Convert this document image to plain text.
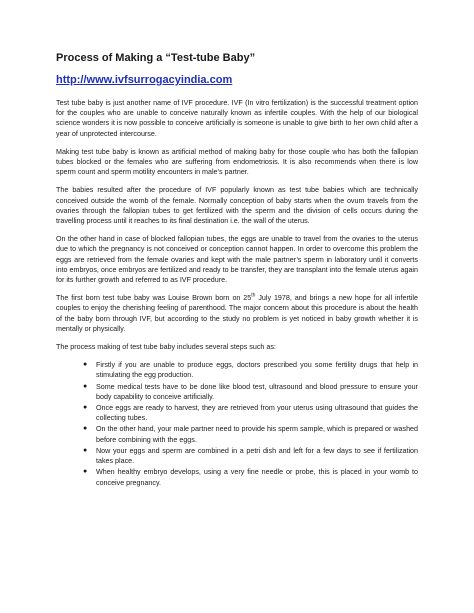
Process of Making a “Test-tube Baby”
http://www.ivfsurrogacyindia.com

Test tube baby is just another name of IVF procedure. IVF (In vitro fertilization) is the successful treatment option for the couples who are unable to conceive naturally known as infertile couples. With the help of our biological science wonders it is now possible to conceive artificially is someone is unable to give birth to her own child after a year of unprotected intercourse.

Making test tube baby is known as artificial method of making baby for those couple who has both the fallopian tubes blocked or the females who are suffering from endometriosis. It is also recommends when there is low sperm count and sperm motility encounters in male’s partner.

The babies resulted after the procedure of IVF popularly known as test tube babies which are technically conceived outside the womb of the female. Normally conception of baby starts when the ovum travels from the ovaries through the fallopian tubes to get fertilized with the sperm and the division of cells occurs during the travelling process until it reaches to its final destination i.e. the wall of the uterus.

On the other hand in case of blocked fallopian tubes, the eggs are unable to travel from the ovaries to the uterus due to which the pregnancy is not conceived or conception cannot happen. In order to overcome this problem the eggs are retrieved from the female ovaries and kept with the male partner’s sperm in laboratory until it converts into embryos, once embryos are fertilized and ready to be transfer, they are transplant into the female uterus again for its further growth and referred to as IVF procedure.

The first born test tube baby was Louise Brown born on 25th July 1978, and brings a new hope for all infertile couples to enjoy the cherishing feeling of parenthood. The major concern about this procedure is about the health of the baby born through IVF, but according to the study no problem is yet noticed in baby growth whether it is mentally or physically.

The process making of test tube baby includes several steps such as:

● Firstly if you are unable to produce eggs, doctors prescribed you some fertility drugs that help in stimulating the egg production.
● Some medical tests have to be done like blood test, ultrasound and blood pressure to ensure your body capability to conceive artificially.
● Once eggs are ready to harvest, they are retrieved from your uterus using ultrasound that guides the collecting tubes.
● On the other hand, your male partner need to provide his sperm sample, which is prepared or washed before combining with the eggs.
● Now your eggs and sperm are combined in a petri dish and left for a few days to see if fertilization takes place.
● When healthy embryo develops, using a very fine needle or probe, this is placed in your womb to conceive pregnancy.
